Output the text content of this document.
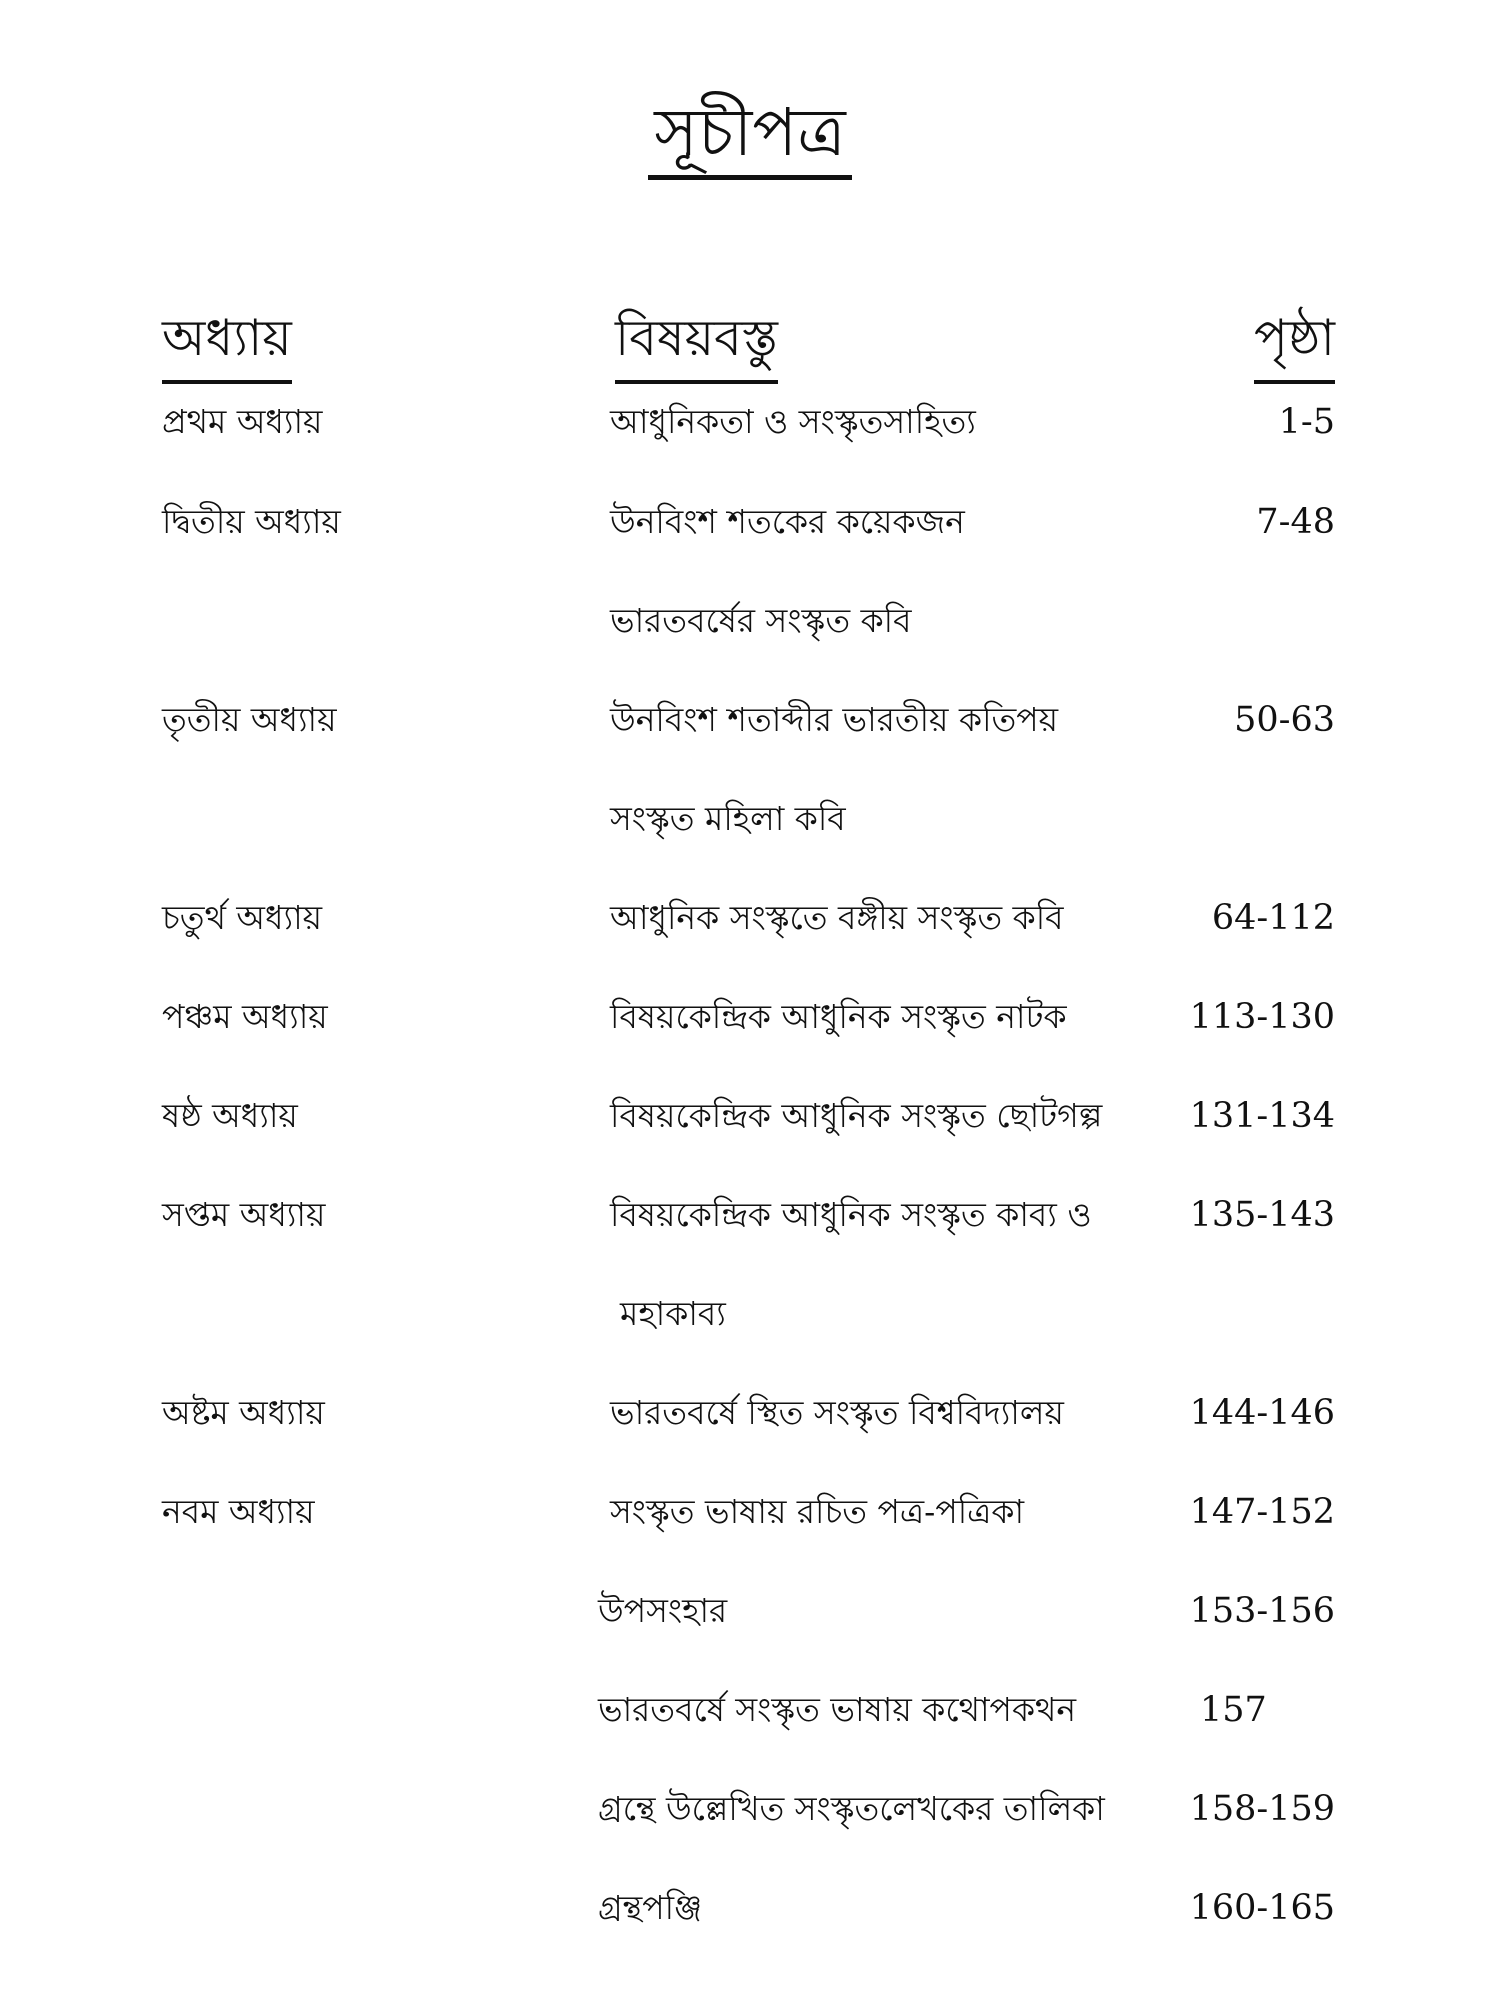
সূচীপত্র
অধ্যায়	বিষয়বস্তু	পৃষ্ঠা
প্রথম অধ্যায়	আধুনিকতা ও সংস্কৃতসাহিত্য	1-5
দ্বিতীয় অধ্যায়	উনবিংশ শতকের কয়েকজন	7-48
ভারতবর্ষের সংস্কৃত কবি
তৃতীয় অধ্যায়	উনবিংশ শতাব্দীর ভারতীয় কতিপয়	50-63
সংস্কৃত মহিলা কবি
চতুর্থ অধ্যায়	আধুনিক সংস্কৃতে বঙ্গীয় সংস্কৃত কবি	64-112
পঞ্চম অধ্যায়	বিষয়কেন্দ্রিক আধুনিক সংস্কৃত নাটক	113-130
ষষ্ঠ অধ্যায়	বিষয়কেন্দ্রিক আধুনিক সংস্কৃত ছোটগল্প 131-134
সপ্তম অধ্যায়	বিষয়কেন্দ্রিক আধুনিক সংস্কৃত কাব্য ও	135-143
মহাকাব্য
অষ্টম অধ্যায়	ভারতবর্ষে স্থিত সংস্কৃত বিশ্ববিদ্যালয়	144-146
নবম অধ্যায়	সংস্কৃত ভাষায় রচিত পত্র-পত্রিকা	147-152
উপসংহার	153-156
ভারতবর্ষে সংস্কৃত ভাষায় কথোপকথন	157
গ্রন্থে উল্লেখিত সংস্কৃতলেখকের তালিকা 158-159
গ্রন্থপঞ্জি	160-165
